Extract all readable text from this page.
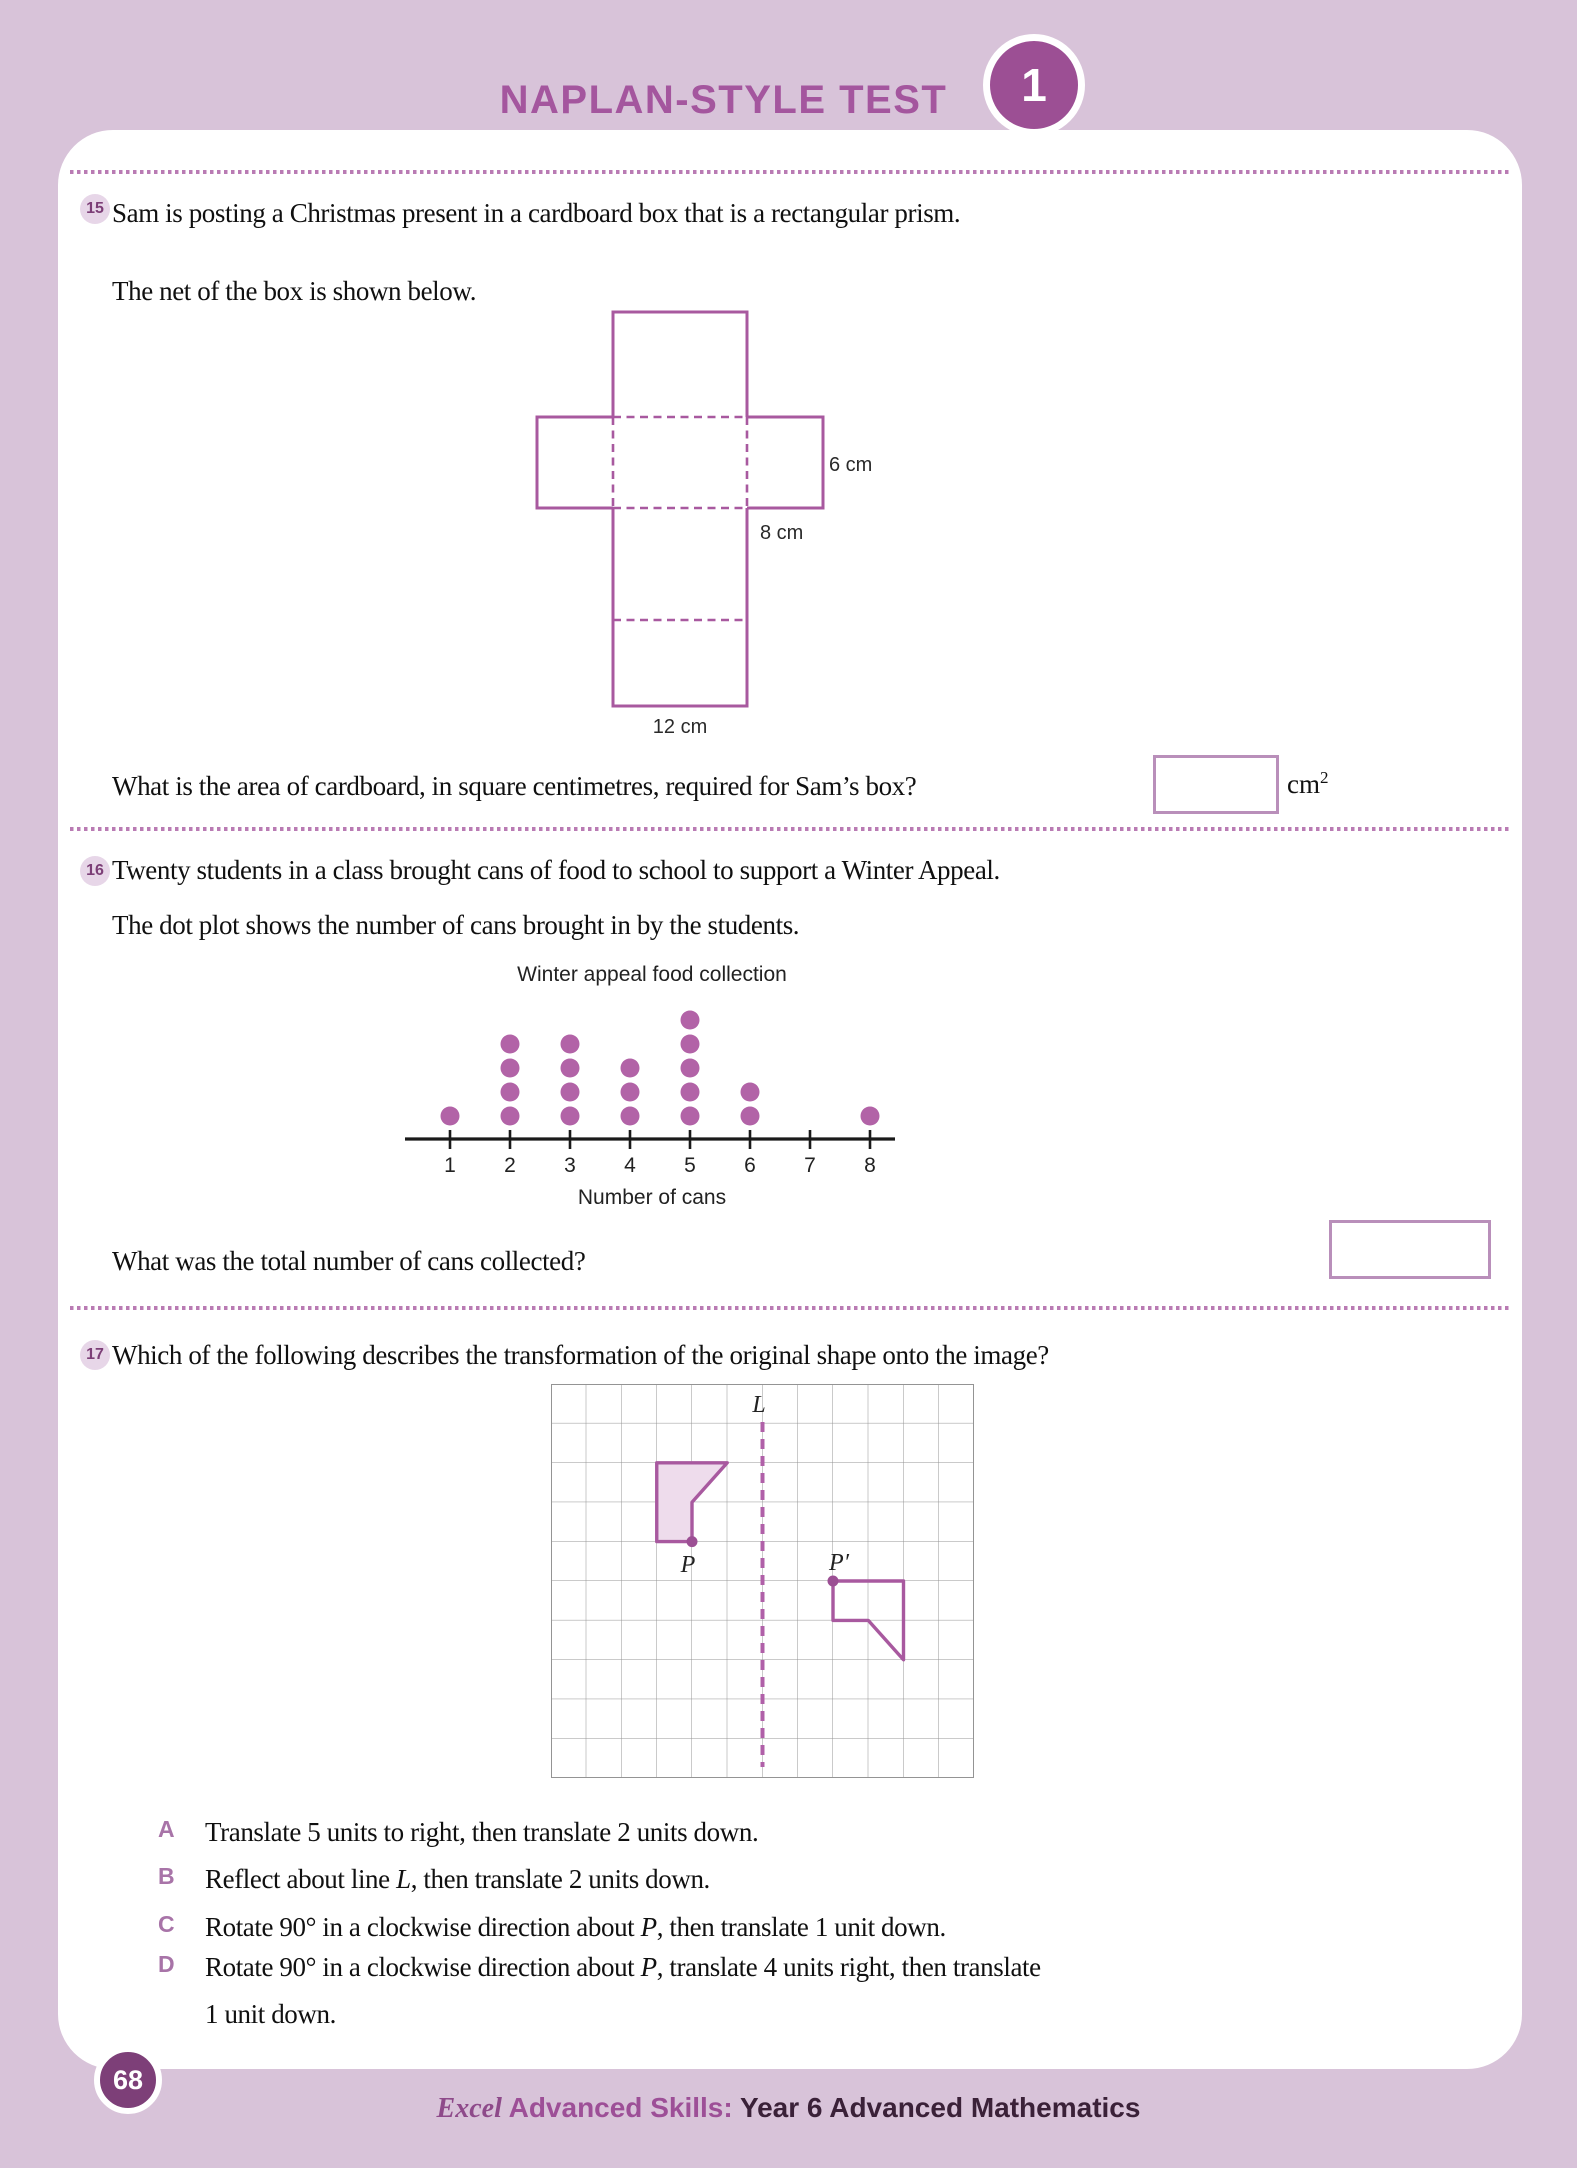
NAPLAN-STYLE TEST	1
15 Sam is posting a Christmas present in a cardboard box that is a rectangular prism.
The net of the box is shown below.
6 cm
8 cm
12 cm
What is the area of cardboard, in square centimetres, required for Sam’s box?	$cm^2$
16 Twenty students in a class brought cans of food to school to support a Winter Appeal.
The dot plot shows the number of cans brought in by the students.
Winter appeal food collection
1 2 3 4 5 6 7 8
Number of cans
What was the total number of cans collected?
17 Which of the following describes the transformation of the original shape onto the image?
L
P	P′
A	Translate 5 units to right, then translate 2 units down.
B	Reflect about line L, then translate 2 units down.
C	Rotate 90° in a clockwise direction about P, then translate 1 unit down.
D	Rotate 90° in a clockwise direction about P, translate 4 units right, then translate
1 unit down.
68
Excel Advanced Skills: Year 6 Advanced Mathematics
